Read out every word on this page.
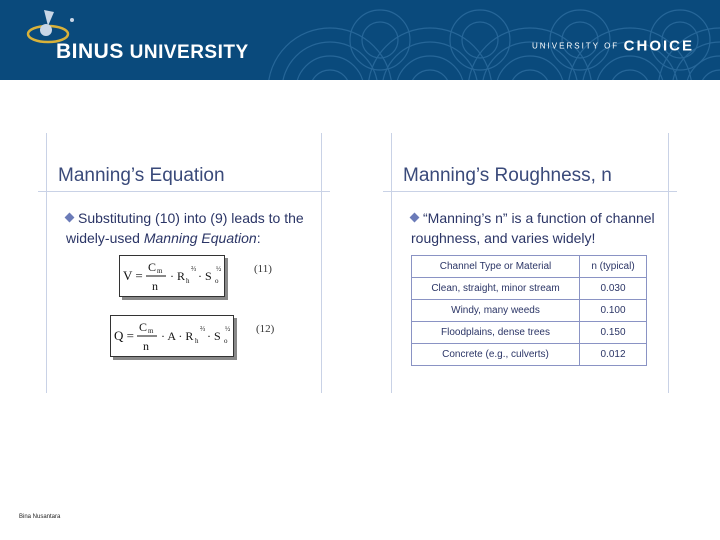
BINUS UNIVERSITY	UNIVERSITY OF CHOICE
Manning’s Equation
Substituting (10) into (9) leads to the widely-used Manning Equation:
V =
C m
n
· R h
⅔ · S o
½	(11)
Q =
C m
n
· A · R h
⅔ · S o
½ (12)
Manning’s Roughness, n
“Manning’s n” is a function of channel roughness, and varies widely!
Channel Type or Material	n (typical)
Clean, straight, minor stream	0.030
Windy, many weeds	0.100
Floodplains, dense trees	0.150
Concrete (e.g., culverts)	0.012
Bina Nusantara
